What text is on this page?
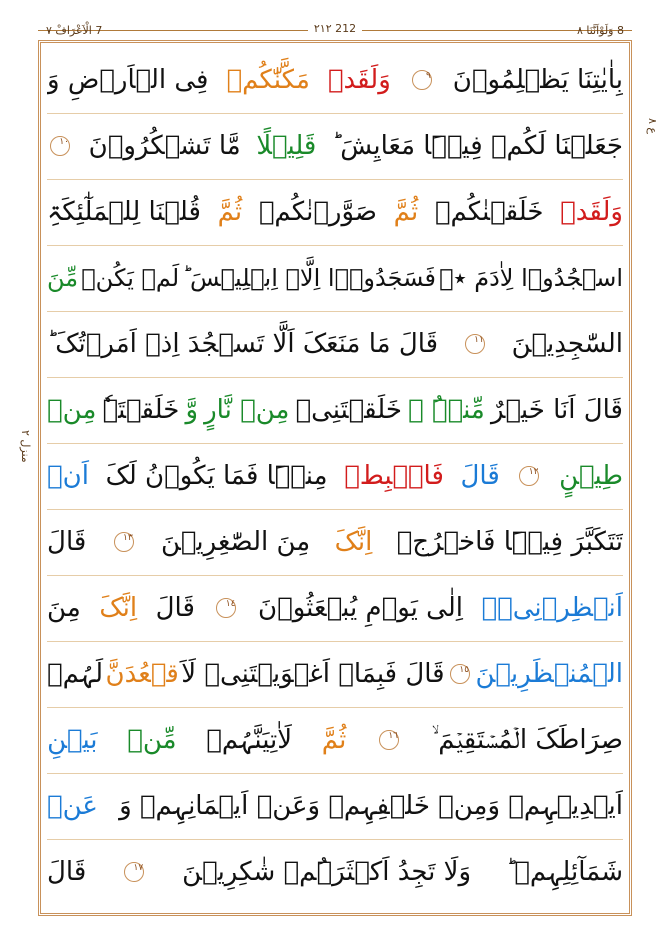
7 الْاَعْرَافْ ٧	۲۱۲ 212	8 وَلَوْاَنَّنَا ٨
منزل ۲
ع ۸
بِاٰیٰتِنَا یَظۡلِمُوۡنَ
٩
وَلَقَدۡ
مَکَّنّٰکُمۡ
فِی الۡاَرۡضِ وَ
جَعَلۡنَا لَکُمۡ فِیۡہَا مَعَایِشَ ؕ
قَلِیۡلًا
مَّا تَشۡکُرُوۡنَ
١٠
وَلَقَدۡ
خَلَقۡنٰکُمۡ
ثُمَّ
صَوَّرۡنٰکُمۡ
ثُمَّ
قُلۡنَا لِلۡمَلٰٓئِکَۃِ
اسۡجُدُوۡا لِاٰدَمَ ٭ۖ
فَسَجَدُوۡۤا اِلَّاۤ اِبۡلِیۡسَ ؕ
لَمۡ یَکُنۡ
مِّنَ
السّٰجِدِیۡنَ
١١
قَالَ مَا مَنَعَکَ اَلَّا تَسۡجُدَ اِذۡ اَمَرۡتُکَ ؕ
قَالَ اَنَا خَیۡرٌ
مِّنۡہُ ۚ
خَلَقۡتَنِیۡ
مِنۡ نَّارٍ
وَّ
خَلَقۡتَہٗ
مِنۡ
طِیۡنٍ
١٢
قَالَ
فَاہۡبِطۡ
مِنۡہَا فَمَا یَکُوۡنُ لَکَ
اَنۡ
تَتَکَبَّرَ فِیۡہَا فَاخۡرُجۡ
اِنَّکَ
مِنَ الصّٰغِرِیۡنَ
١٣
قَالَ
اَنۡظِرۡنِیۡۤ
اِلٰی یَوۡمِ یُبۡعَثُوۡنَ
١٤
قَالَ
اِنَّکَ
مِنَ
الۡمُنۡظَرِیۡنَ
١٥
قَالَ فَبِمَاۤ اَغۡوَیۡتَنِیۡ لَاَ
قۡعُدَنَّ
لَہُمۡ
صِرَاطَکَ الۡمُسۡتَقِیۡمَ ۙ
١٦
ثُمَّ
لَاٰتِیَنَّہُمۡ
مِّنۡ
بَیۡنِ
اَیۡدِیۡہِمۡ وَمِنۡ خَلۡفِہِمۡ وَعَنۡ اَیۡمَانِہِمۡ وَ
عَنۡ
شَمَآئِلِہِمۡ ؕ
وَلَا تَجِدُ اَکۡثَرَہُمۡ شٰکِرِیۡنَ
١٧
قَالَ
